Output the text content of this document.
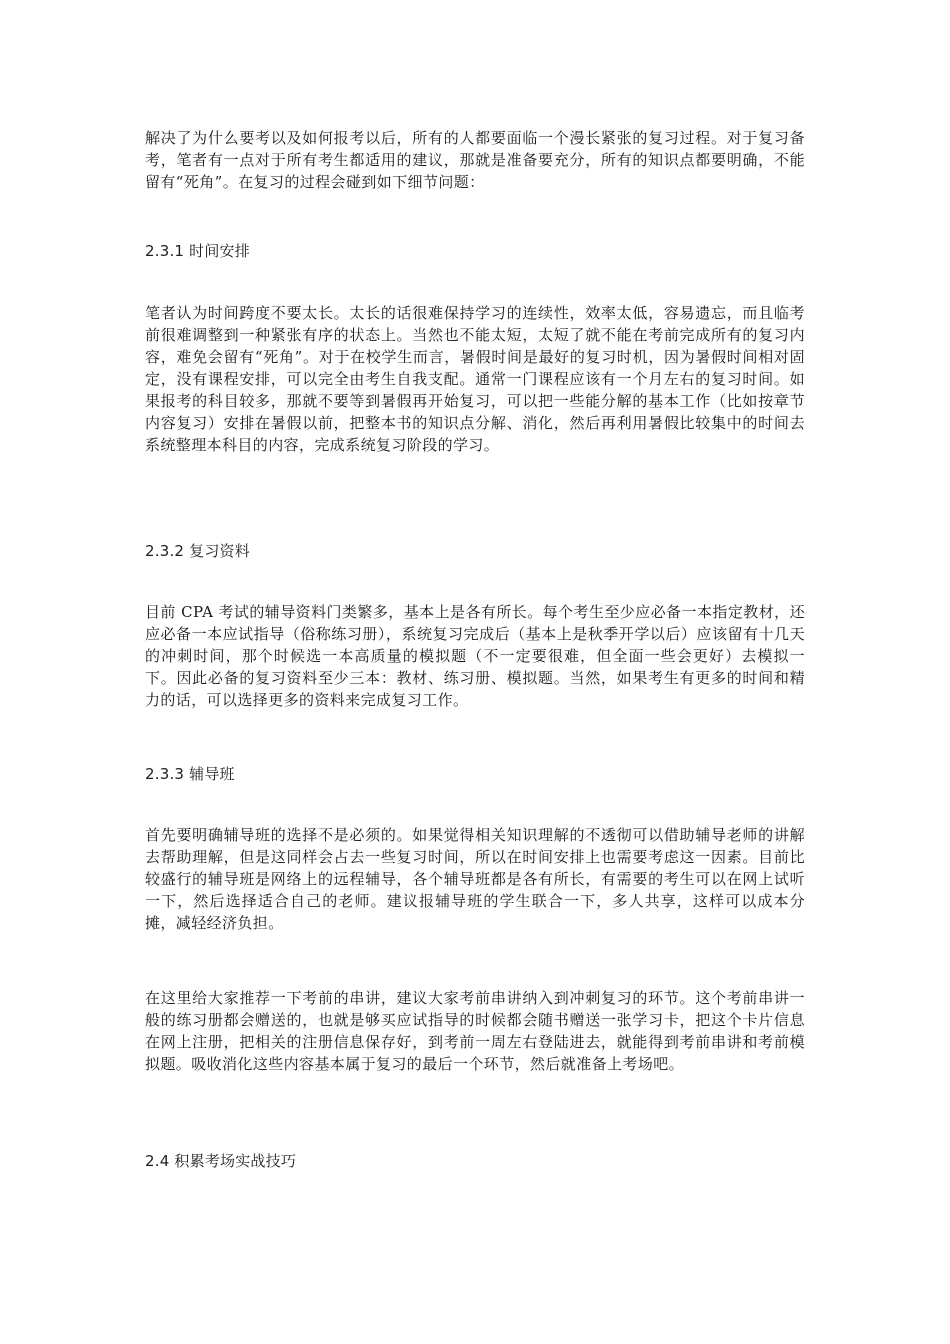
解决了为什么要考以及如何报考以后，所有的人都要面临一个漫长紧张的复习过程。对于复习备考，笔者有一点对于所有考生都适用的建议，那就是准备要充分，所有的知识点都要明确，不能留有“死角”。在复习的过程会碰到如下细节问题：

2.3.1 时间安排

笔者认为时间跨度不要太长。太长的话很难保持学习的连续性，效率太低，容易遗忘，而且临考前很难调整到一种紧张有序的状态上。当然也不能太短，太短了就不能在考前完成所有的复习内容，难免会留有“死角”。对于在校学生而言，暑假时间是最好的复习时机，因为暑假时间相对固定，没有课程安排，可以完全由考生自我支配。通常一门课程应该有一个月左右的复习时间。如果报考的科目较多，那就不要等到暑假再开始复习，可以把一些能分解的基本工作（比如按章节内容复习）安排在暑假以前，把整本书的知识点分解、消化，然后再利用暑假比较集中的时间去系统整理本科目的内容，完成系统复习阶段的学习。

2.3.2 复习资料

目前 CPA 考试的辅导资料门类繁多，基本上是各有所长。每个考生至少应必备一本指定教材，还应必备一本应试指导（俗称练习册），系统复习完成后（基本上是秋季开学以后）应该留有十几天的冲刺时间，那个时候选一本高质量的模拟题（不一定要很难，但全面一些会更好）去模拟一下。因此必备的复习资料至少三本：教材、练习册、模拟题。当然，如果考生有更多的时间和精力的话，可以选择更多的资料来完成复习工作。

2.3.3 辅导班

首先要明确辅导班的选择不是必须的。如果觉得相关知识理解的不透彻可以借助辅导老师的讲解去帮助理解，但是这同样会占去一些复习时间，所以在时间安排上也需要考虑这一因素。目前比较盛行的辅导班是网络上的远程辅导，各个辅导班都是各有所长，有需要的考生可以在网上试听一下，然后选择适合自己的老师。建议报辅导班的学生联合一下，多人共享，这样可以成本分摊，减轻经济负担。

在这里给大家推荐一下考前的串讲，建议大家考前串讲纳入到冲刺复习的环节。这个考前串讲一般的练习册都会赠送的，也就是够买应试指导的时候都会随书赠送一张学习卡，把这个卡片信息在网上注册，把相关的注册信息保存好，到考前一周左右登陆进去，就能得到考前串讲和考前模拟题。吸收消化这些内容基本属于复习的最后一个环节，然后就准备上考场吧。

2.4 积累考场实战技巧
